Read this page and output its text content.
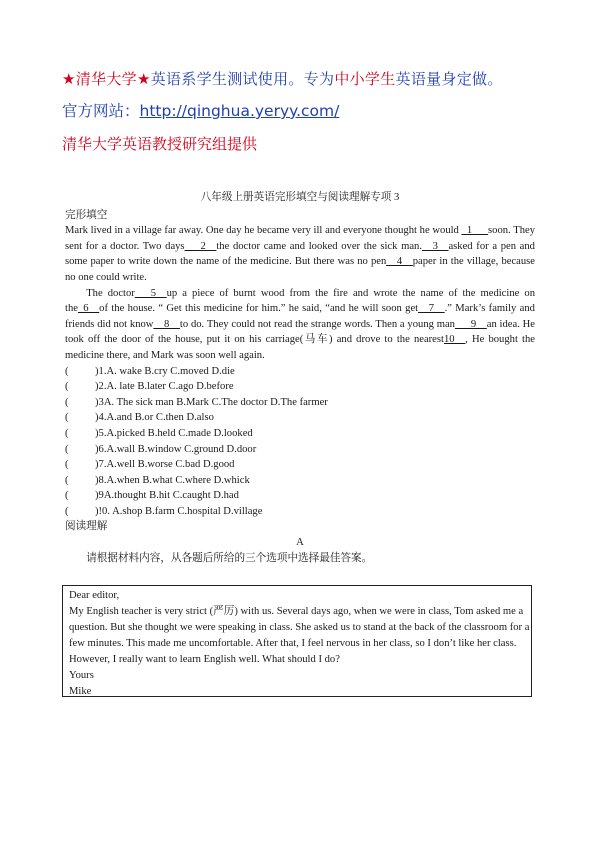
★清华大学★英语系学生测试使用。专为中小学生英语量身定做。
官方网站：http://qinghua.yeryy.com/
清华大学英语教授研究组提供
八年级上册英语完形填空与阅读理解专项 3
完形填空

Mark lived in a village far away. One day he became very ill and everyone thought he would _1___soon. They sent for a doctor. Two days___2__the doctor came and looked over the sick man.__3__asked for a pen and some paper to write down the name of the medicine. But there was no pen__4__paper in the village, because no one could write.

The doctor___5__up a piece of burnt wood from the fire and wrote the name of the medicine on the_6__of the house. “ Get this medicine for him.” he said, “and he will soon get__7__.” Mark’s family and friends did not know__8__to do. They could not read the strange words. Then a young man___9__an idea. He took off the door of the house, put it on his carriage(马车) and drove to the nearest10__, He bought the medicine there, and Mark was soon well again.

(	)1.A. wake B.cry C.moved D.die
(	)2.A. late B.later C.ago D.before
(	)3A. The sick man B.Mark C.The doctor D.The farmer
(	)4.A.and B.or C.then D.also
(	)5.A.picked B.held C.made D.looked
(	)6.A.wall B.window C.ground D.door
(	)7.A.well B.worse C.bad D.good
(	)8.A.when B.what C.where D.whick
(	)9A.thought B.hit C.caught D.had
(	)!0. A.shop B.farm C.hospital D.village
阅读理解
A

请根据材料内容，从各题后所给的三个选项中选择最佳答案。

Dear editor,

My English teacher is very strict (严厉) with us. Several days ago, when we were in class, Tom asked me a question. But she thought we were speaking in class. She asked us to stand at the back of the classroom for a few minutes. This made me uncomfortable. After that, I feel nervous in her class, so I don’t like her class. However, I really want to learn English well. What should I do?

Yours

Mike
